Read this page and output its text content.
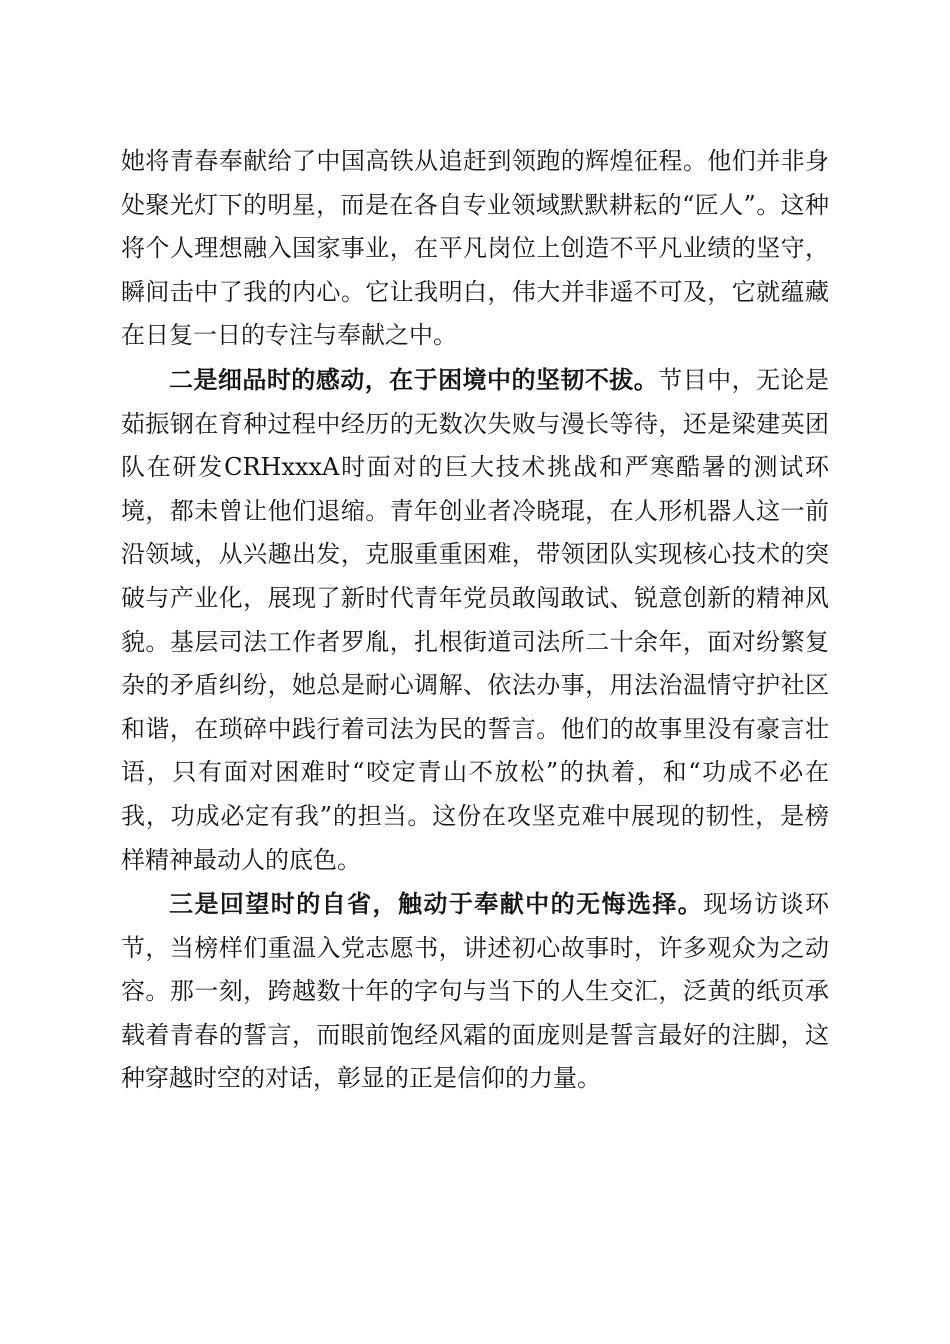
她将青春奉献给了中国高铁从追赶到领跑的辉煌征程。他们并非身处聚光灯下的明星，而是在各自专业领域默默耕耘的“匠人”。这种将个人理想融入国家事业，在平凡岗位上创造不平凡业绩的坚守，瞬间击中了我的内心。它让我明白，伟大并非遥不可及，它就蕴藏在日复一日的专注与奉献之中。

二是细品时的感动，在于困境中的坚韧不拔。节目中，无论是茹振钢在育种过程中经历的无数次失败与漫长等待，还是梁建英团队在研发CRHxxxA时面对的巨大技术挑战和严寒酷暑的测试环境，都未曾让他们退缩。青年创业者冷晓琨，在人形机器人这一前沿领域，从兴趣出发，克服重重困难，带领团队实现核心技术的突破与产业化，展现了新时代青年党员敢闯敢试、锐意创新的精神风貌。基层司法工作者罗胤，扎根街道司法所二十余年，面对纷繁复杂的矛盾纠纷，她总是耐心调解、依法办事，用法治温情守护社区和谐，在琐碎中践行着司法为民的誓言。他们的故事里没有豪言壮语，只有面对困难时“咬定青山不放松”的执着，和“功成不必在我，功成必定有我”的担当。这份在攻坚克难中展现的韧性，是榜样精神最动人的底色。

三是回望时的自省，触动于奉献中的无悔选择。现场访谈环节，当榜样们重温入党志愿书，讲述初心故事时，许多观众为之动容。那一刻，跨越数十年的字句与当下的人生交汇，泛黄的纸页承载着青春的誓言，而眼前饱经风霜的面庞则是誓言最好的注脚，这种穿越时空的对话，彰显的正是信仰的力量。
